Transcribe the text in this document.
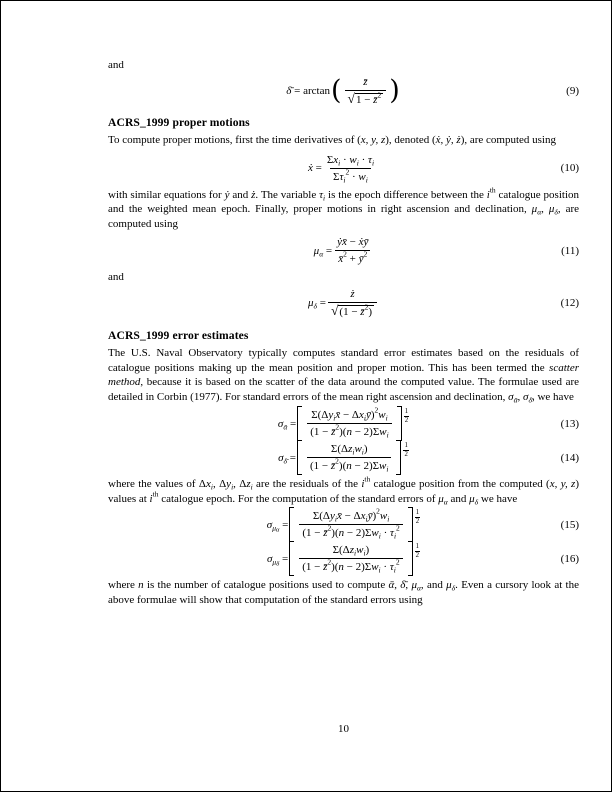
and
δ̄ = arctan ( $\frac{z̄}{√1 - z̄^2}$ )	(9)
ACRS_1999 proper motions
To compute proper motions, first the time derivatives of (x, y, z), denoted (ẋ, ẏ, ż), are computed using
ẋ = $\frac{\Sigma x_i \cdot w_i \cdot \tau_i}{\Sigma\tau_i^2 \cdot w_i}$	(10)
with similar equations for ẏ and ż. The variable $\tau_i$ is the epoch difference between the $i^{th}$ catalogue position and the weighted mean epoch. Finally, proper motions in right ascension and declination, $\mu_\alpha$, $\mu_\delta$, are computed using
$\mu_\alpha = \frac{\text{ẏx̄ − ẋȳ}}{x̄^2 + ȳ^2}$	(11)
and
$\mu_\delta = \frac{ż}{√(1 - z̄^2)}$	(12)
ACRS_1999 error estimates
The U.S. Naval Observatory typically computes standard error estimates based on the residuals of catalogue positions making up the mean position and proper motion. This has been termed the scatter method, because it is based on the scatter of the data around the computed value. The formulae used are detailed in Corbin (1977). For standard errors of the mean right ascension and declination, $\sigma_ᾱ$, $\sigma_{\deltā}$, we have
$\sigma_ᾱ = \frac{\Sigma(\Delta y_ix̄ - \Delta x_iȳ)^2w_i}{(1 - z̄^2)(n - 2)\Sigma w_i} 1$
2	(13)
$\sigma_{\deltā} = \frac{\Sigma(\Delta z_iw_i)}{(1 - z̄^2)(n - 2)\Sigma w_i} 1$
2	(14)
where the values of $\Delta x_i$, $\Delta y_i$, $\Delta z_i$ are the residuals of the $i^{th}$ catalogue position from the computed (x, y, z) values at $i^{th}$ catalogue epoch. For the computation of the standard errors of $\mu_\alpha$ and $\mu_\delta$ we have
$\sigma_{\mu\alpha} = \frac{\Sigma(\Delta y_ix̄ - \Delta x_iȳ)^2w_i}{(1 - z̄^2)(n - 2)\Sigma w_i \cdot \tau_i^2} 1$
2	(15)
$\sigma_{\mu\delta} = \frac{\Sigma(\Delta z_iw_i)}{(1 - z̄^2)(n - 2)\Sigma w_i \cdot \tau_i^2} 1$
2	(16)
where n is the number of catalogue positions used to compute ᾱ, δ̄, $\mu_\alpha$, and $\mu_\delta$. Even a cursory look at the above formulae will show that computation of the standard errors using
10
